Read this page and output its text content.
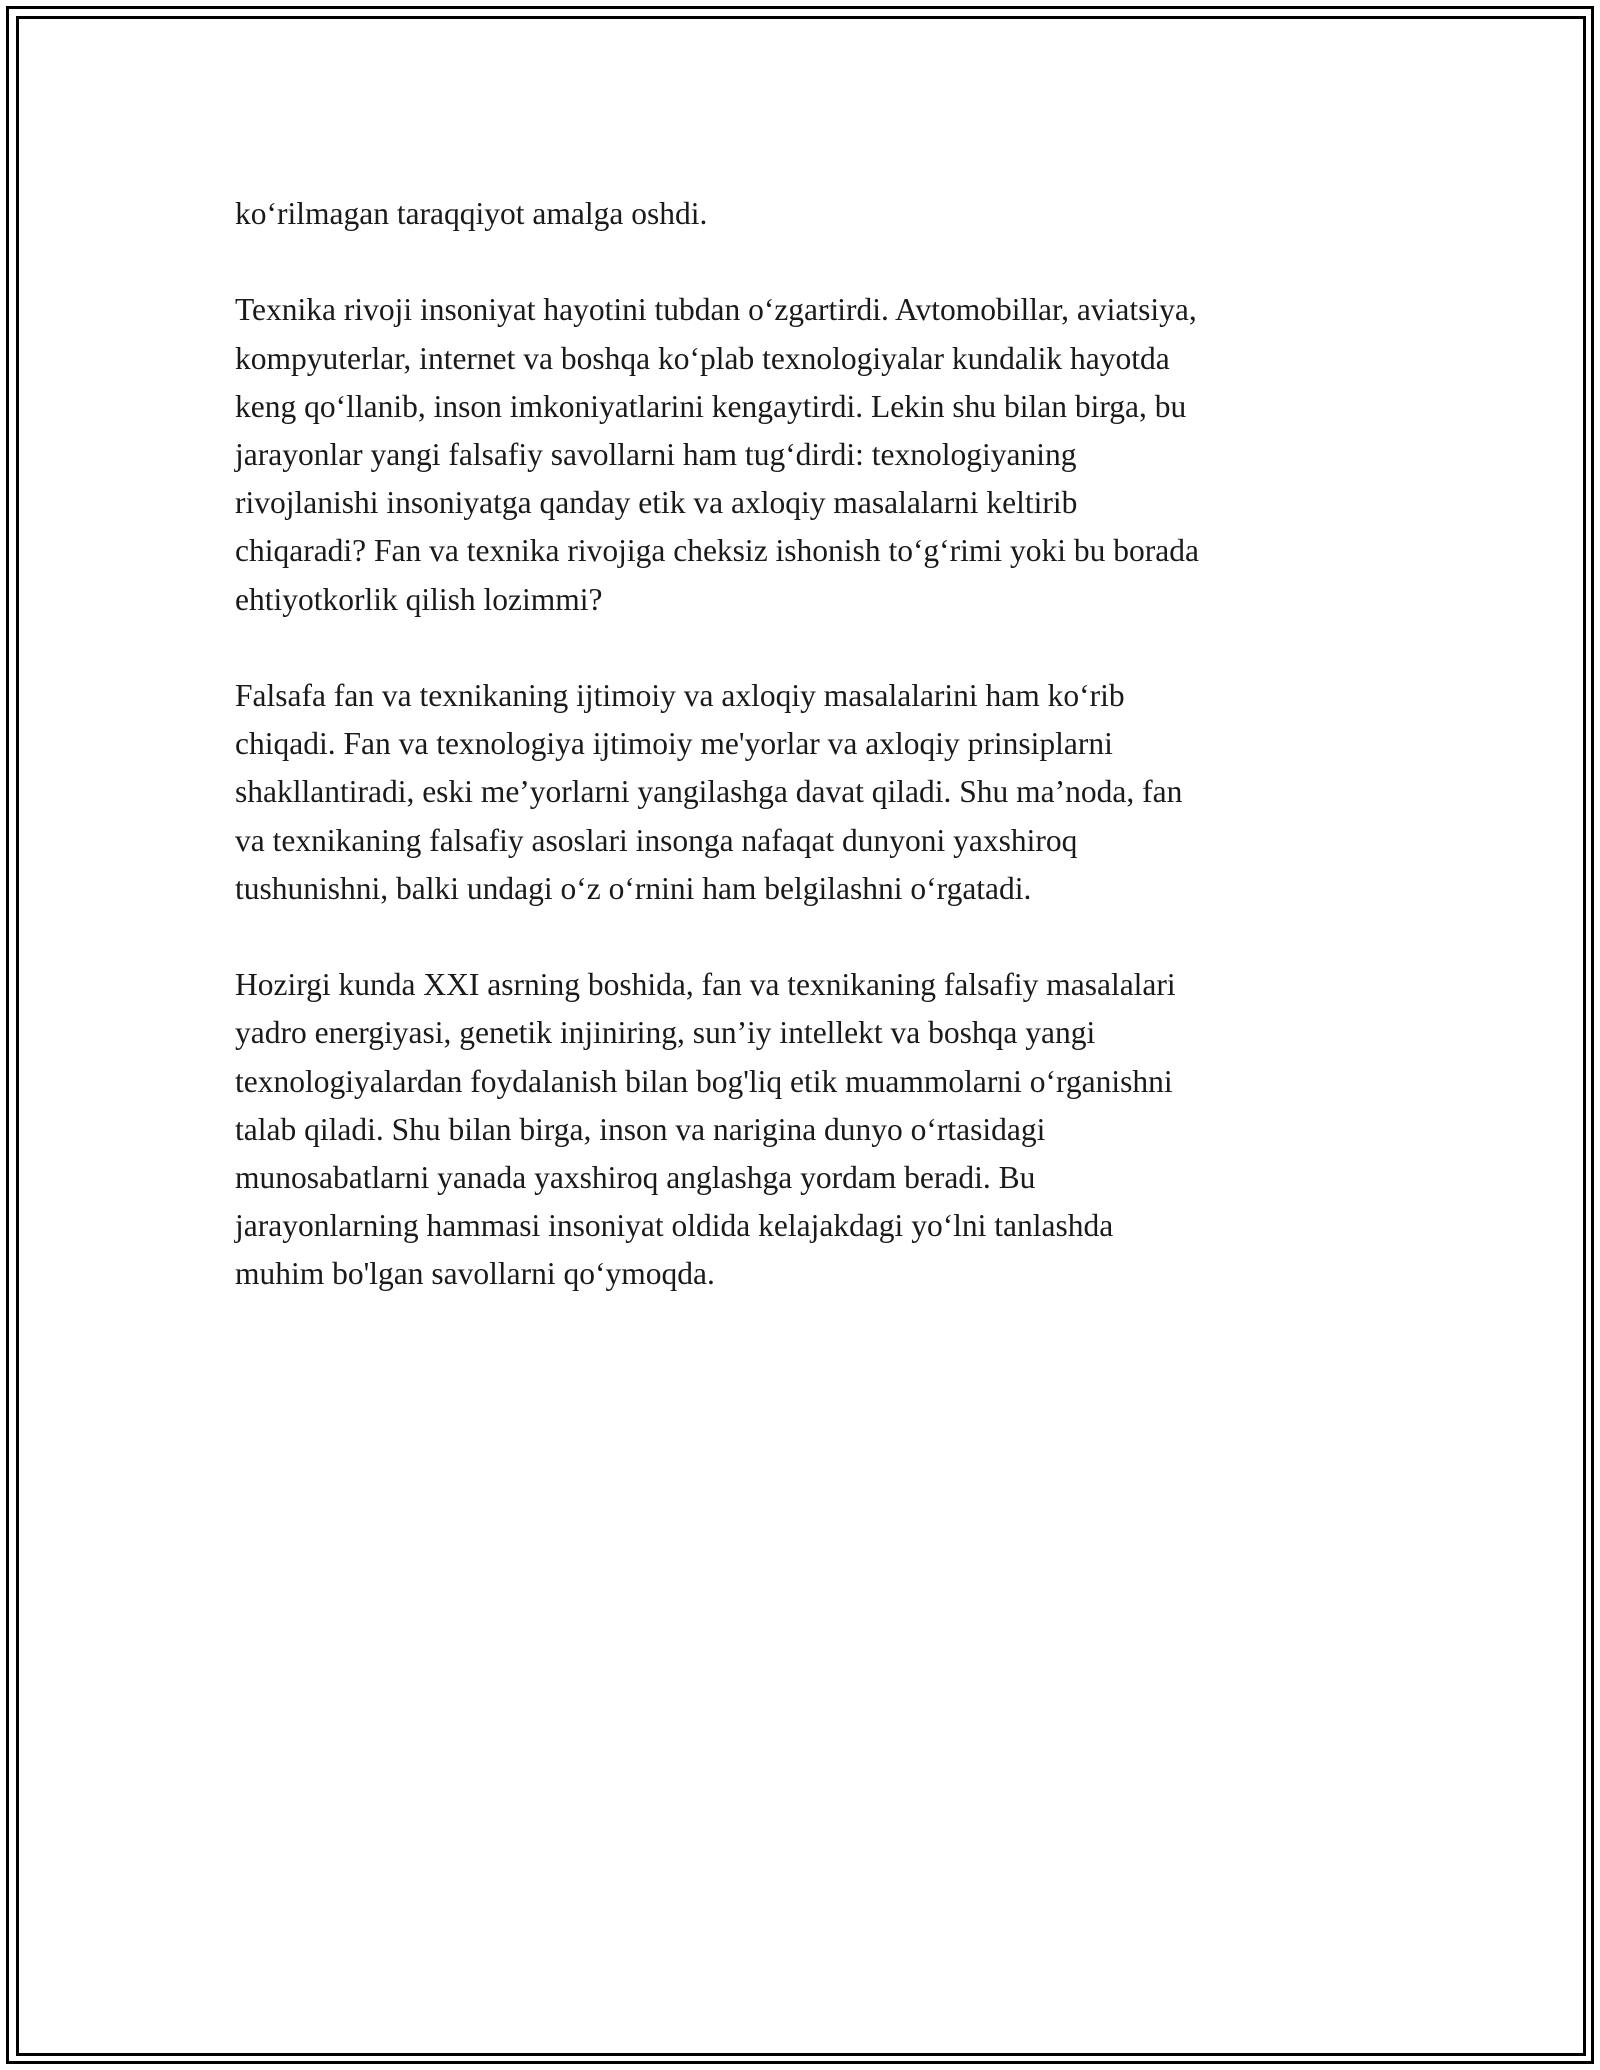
ko‘rilmagan taraqqiyot amalga oshdi.

Texnika rivoji insoniyat hayotini tubdan o‘zgartirdi. Avtomobillar, aviatsiya,
kompyuterlar, internet va boshqa ko‘plab texnologiyalar kundalik hayotda
keng qo‘llanib, inson imkoniyatlarini kengaytirdi. Lekin shu bilan birga, bu
jarayonlar yangi falsafiy savollarni ham tug‘dirdi: texnologiyaning
rivojlanishi insoniyatga qanday etik va axloqiy masalalarni keltirib
chiqaradi? Fan va texnika rivojiga cheksiz ishonish to‘g‘rimi yoki bu borada
ehtiyotkorlik qilish lozimmi?

Falsafa fan va texnikaning ijtimoiy va axloqiy masalalarini ham ko‘rib
chiqadi. Fan va texnologiya ijtimoiy me'yorlar va axloqiy prinsiplarni
shakllantiradi, eski me’yorlarni yangilashga davat qiladi. Shu ma’noda, fan
va texnikaning falsafiy asoslari insonga nafaqat dunyoni yaxshiroq
tushunishni, balki undagi o‘z o‘rnini ham belgilashni o‘rgatadi.

Hozirgi kunda XXI asrning boshida, fan va texnikaning falsafiy masalalari
yadro energiyasi, genetik injiniring, sun’iy intellekt va boshqa yangi
texnologiyalardan foydalanish bilan bog'liq etik muammolarni o‘rganishni
talab qiladi. Shu bilan birga, inson va narigina dunyo o‘rtasidagi
munosabatlarni yanada yaxshiroq anglashga yordam beradi. Bu
jarayonlarning hammasi insoniyat oldida kelajakdagi yo‘lni tanlashda
muhim bo'lgan savollarni qo‘ymoqda.
